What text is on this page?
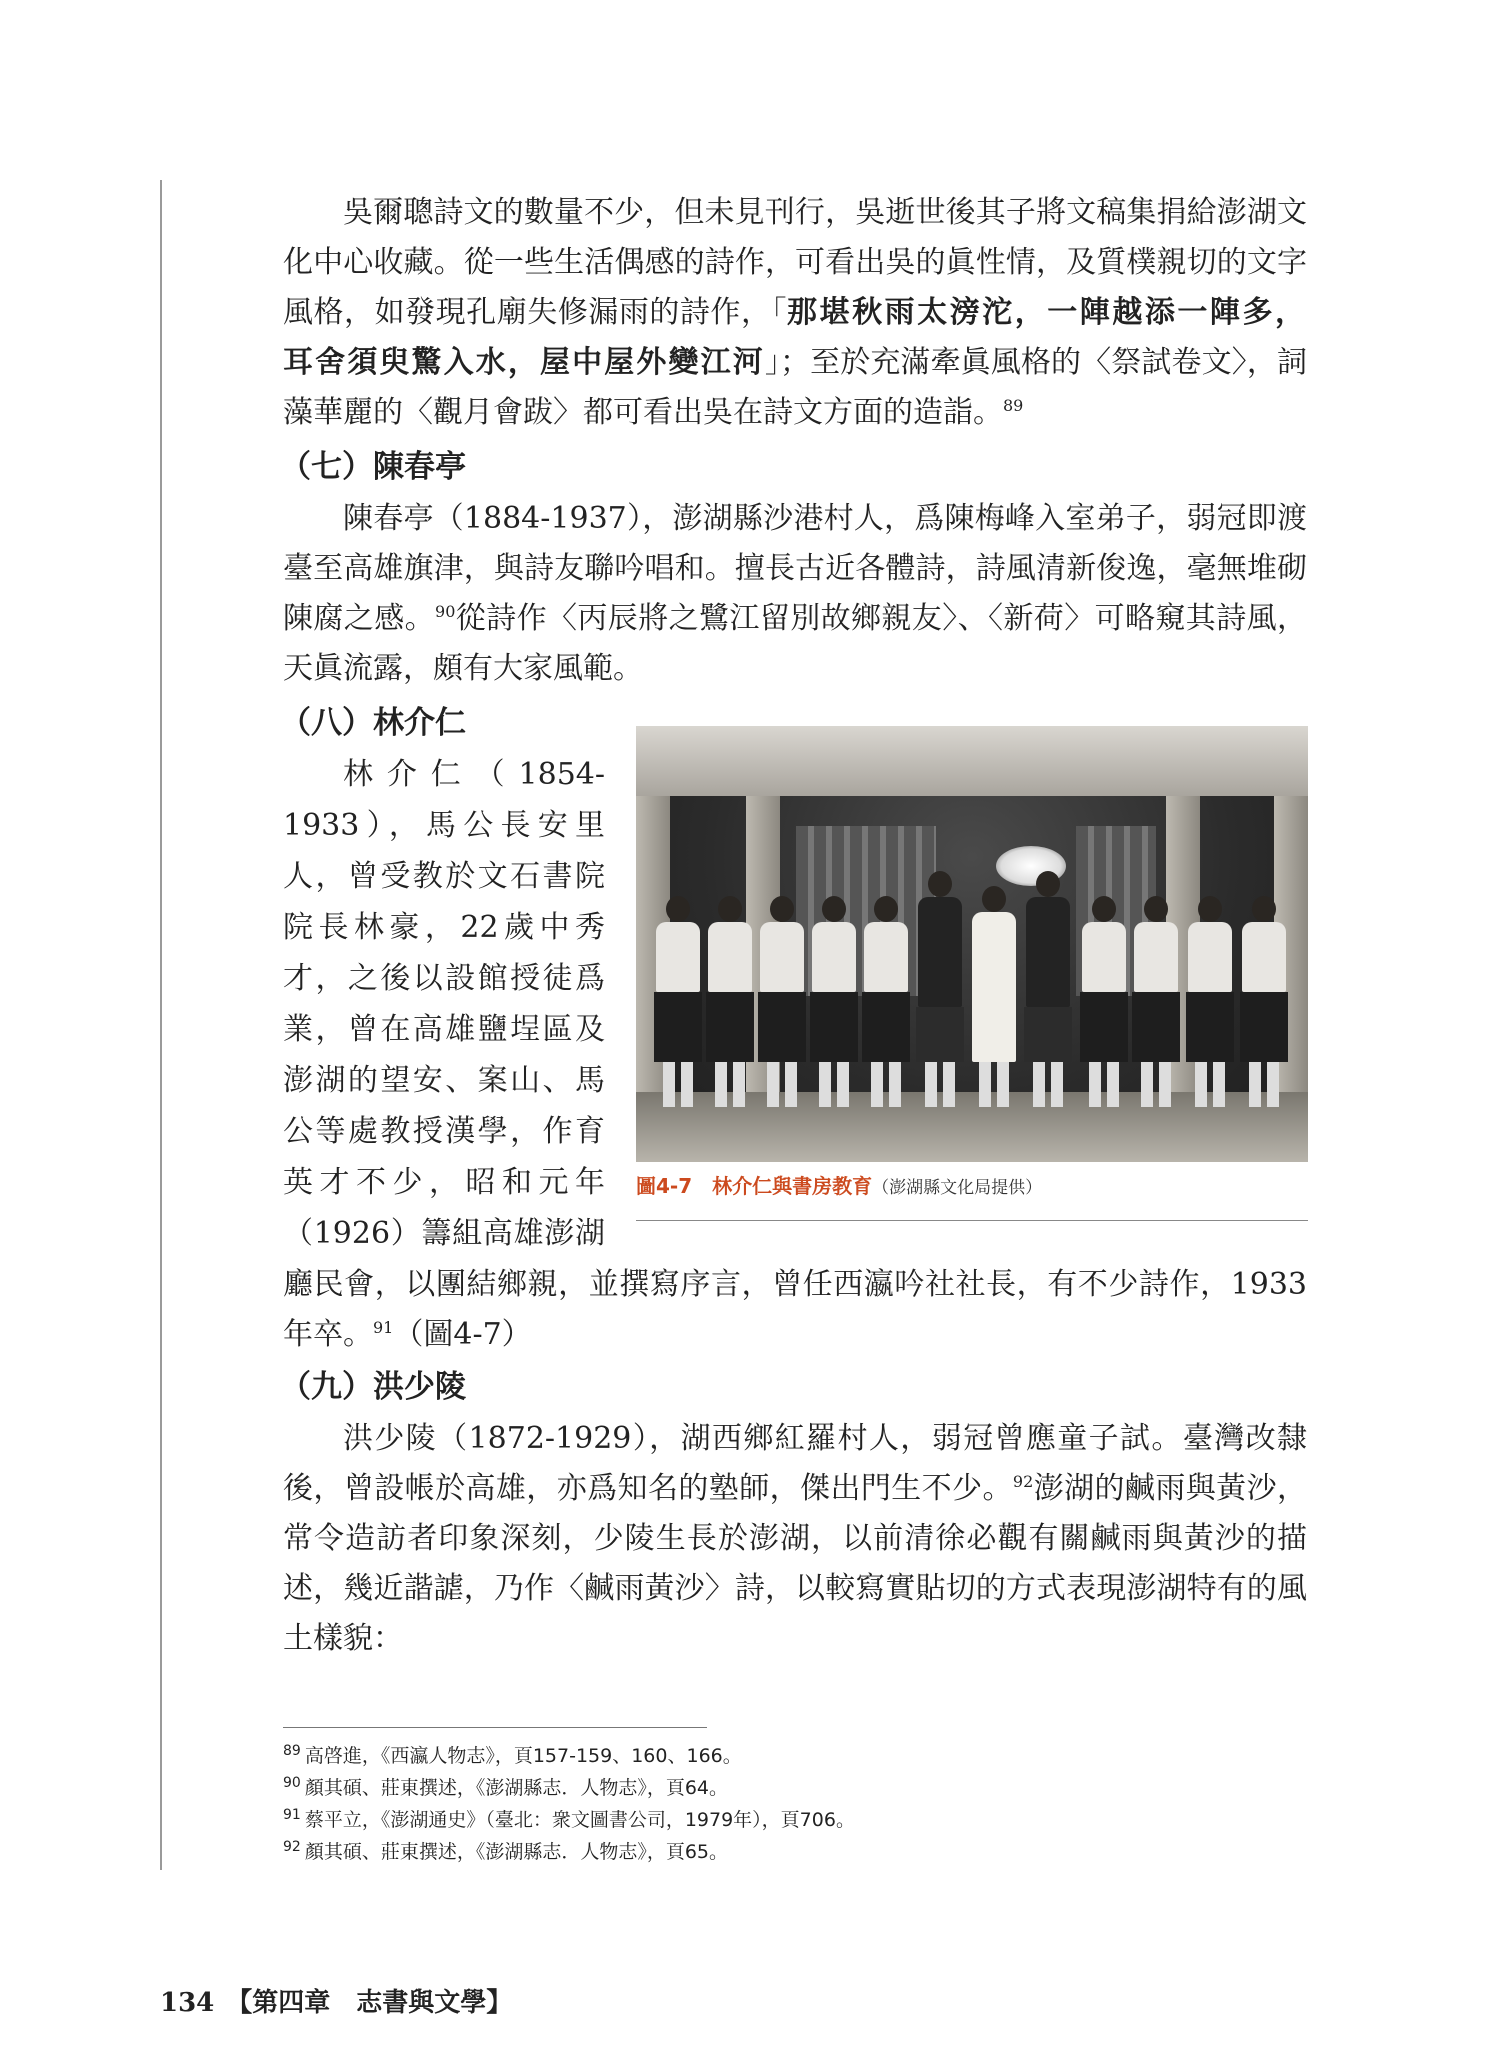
吳爾聰詩文的數量不少，但未見刊行，吳逝世後其子將文稿集捐給澎湖文化中心收藏。從一些生活偶感的詩作，可看出吳的眞性情，及質樸親切的文字風格，如發現孔廟失修漏雨的詩作，「那堪秋雨太滂沱，一陣越添一陣多，耳舍須臾驚入水，屋中屋外變江河」；至於充滿牽眞風格的〈祭試卷文〉，詞藻華麗的〈觀月會跋〉都可看出吳在詩文方面的造詣。$^{89}$

（七）陳春亭

陳春亭（1884-1937），澎湖縣沙港村人，爲陳梅峰入室弟子，弱冠即渡臺至高雄旗津，與詩友聯吟唱和。擅長古近各體詩，詩風清新俊逸，毫無堆砌陳腐之感。$^{90}$從詩作〈丙辰將之鷺江留別故鄉親友〉、〈新荷〉可略窺其詩風，天眞流露，頗有大家風範。

（八）林介仁
林介仁（1854-
1933），馬公長安里
人，曾受教於文石書院
院長林豪，22歲中秀
才，之後以設館授徒爲
業，曾在高雄鹽埕區及
澎湖的望安、案山、馬
公等處教授漢學，作育
英才不少，昭和元年
（1926）籌組高雄澎湖

廳民會，以團結鄉親，並撰寫序言，曾任西瀛吟社社長，有不少詩作，1933年卒。$^{91}$（圖4-7）

圖4-7 林介仁與書房教育（澎湖縣文化局提供）
（九）洪少陵

洪少陵（1872-1929），湖西鄉紅羅村人，弱冠曾應童子試。臺灣改隸後，曾設帳於高雄，亦爲知名的塾師，傑出門生不少。$^{92}$澎湖的鹹雨與黃沙，常令造訪者印象深刻，少陵生長於澎湖，以前清徐必觀有關鹹雨與黃沙的描述，幾近諧謔，乃作〈鹹雨黃沙〉詩，以較寫實貼切的方式表現澎湖特有的風土樣貌：

$^{89}$ 高啓進，《西瀛人物志》，頁157-159、160、166。
$^{90}$ 顏其碩、莊東撰述，《澎湖縣志．人物志》，頁64。
$^{91}$ 蔡平立，《澎湖通史》（臺北：衆文圖書公司，1979年），頁706。
$^{92}$ 顏其碩、莊東撰述，《澎湖縣志．人物志》，頁65。
134 【第四章　志書與文學】
